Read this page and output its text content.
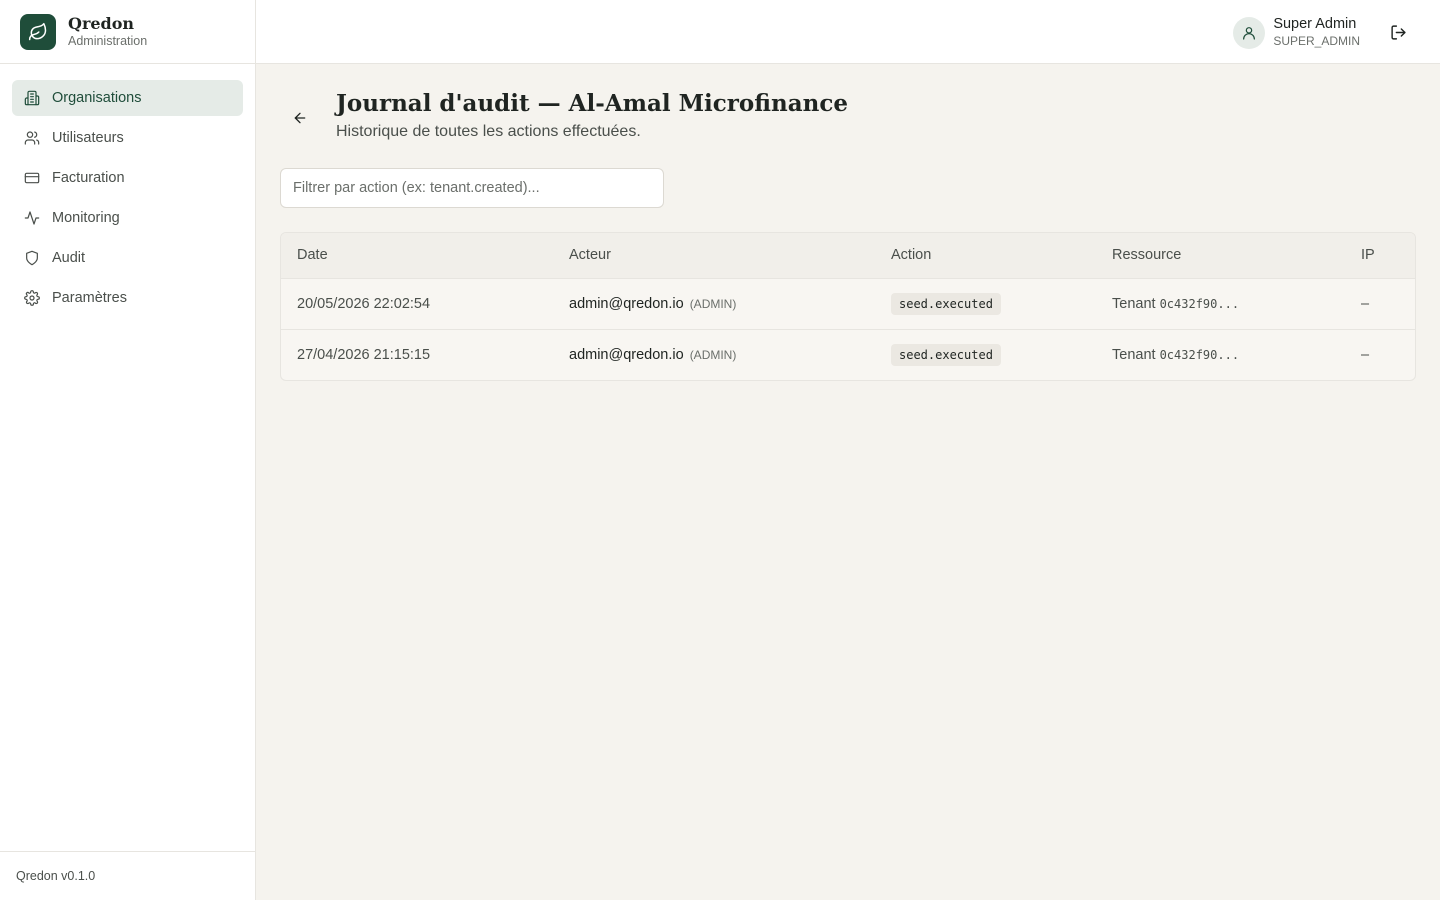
Qredon
Administration
Organisations
Utilisateurs
Facturation
Monitoring
Audit
Paramètres
Qredon v0.1.0
Super Admin
SUPER_ADMIN
Journal d'audit — Al-Amal Microfinance

Historique de toutes les actions effectuées.

Filtrer par action (ex: tenant.created)...
Date	Acteur	Action	Ressource	IP
20/05/2026 22:02:54	admin@qredon.io (ADMIN)	seed.executed	Tenant 0c432f90...	–
27/04/2026 21:15:15	admin@qredon.io (ADMIN)	seed.executed	Tenant 0c432f90...	–
